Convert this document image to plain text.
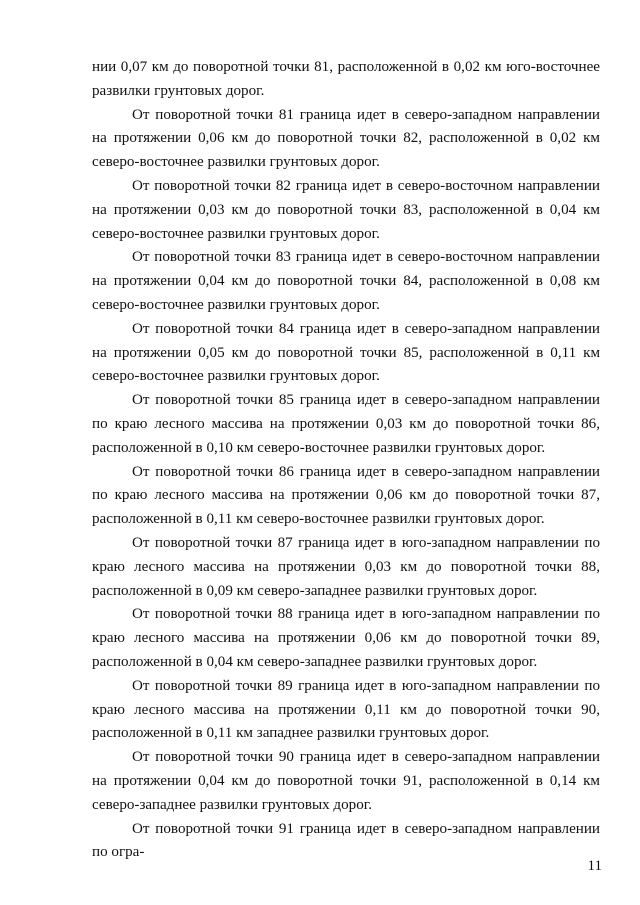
нии 0,07 км до поворотной точки 81, расположенной в 0,02 км юго-восточнее развилки грунтовых дорог.

От поворотной точки 81 граница идет в северо-западном направлении на протяжении 0,06 км до поворотной точки 82, расположенной в 0,02 км северо-восточнее развилки грунтовых дорог.

От поворотной точки 82 граница идет в северо-восточном направлении на протяжении 0,03 км до поворотной точки 83, расположенной в 0,04 км северо-восточнее развилки грунтовых дорог.

От поворотной точки 83 граница идет в северо-восточном направлении на протяжении 0,04 км до поворотной точки 84, расположенной в 0,08 км северо-восточнее развилки грунтовых дорог.

От поворотной точки 84 граница идет в северо-западном направлении на протяжении 0,05 км до поворотной точки 85, расположенной в 0,11 км северо-восточнее развилки грунтовых дорог.

От поворотной точки 85 граница идет в северо-западном направлении по краю лесного массива на протяжении 0,03 км до поворотной точки 86, расположенной в 0,10 км северо-восточнее развилки грунтовых дорог.

От поворотной точки 86 граница идет в северо-западном направлении по краю лесного массива на протяжении 0,06 км до поворотной точки 87, расположенной в 0,11 км северо-восточнее развилки грунтовых дорог.

От поворотной точки 87 граница идет в юго-западном направлении по краю лесного массива на протяжении 0,03 км до поворотной точки 88, расположенной в 0,09 км северо-западнее развилки грунтовых дорог.

От поворотной точки 88 граница идет в юго-западном направлении по краю лесного массива на протяжении 0,06 км до поворотной точки 89, расположенной в 0,04 км северо-западнее развилки грунтовых дорог.

От поворотной точки 89 граница идет в юго-западном направлении по краю лесного массива на протяжении 0,11 км до поворотной точки 90, расположенной в 0,11 км западнее развилки грунтовых дорог.

От поворотной точки 90 граница идет в северо-западном направлении на протяжении 0,04 км до поворотной точки 91, расположенной в 0,14 км северо-западнее развилки грунтовых дорог.

От поворотной точки 91 граница идет в северо-западном направлении по огра-

11
